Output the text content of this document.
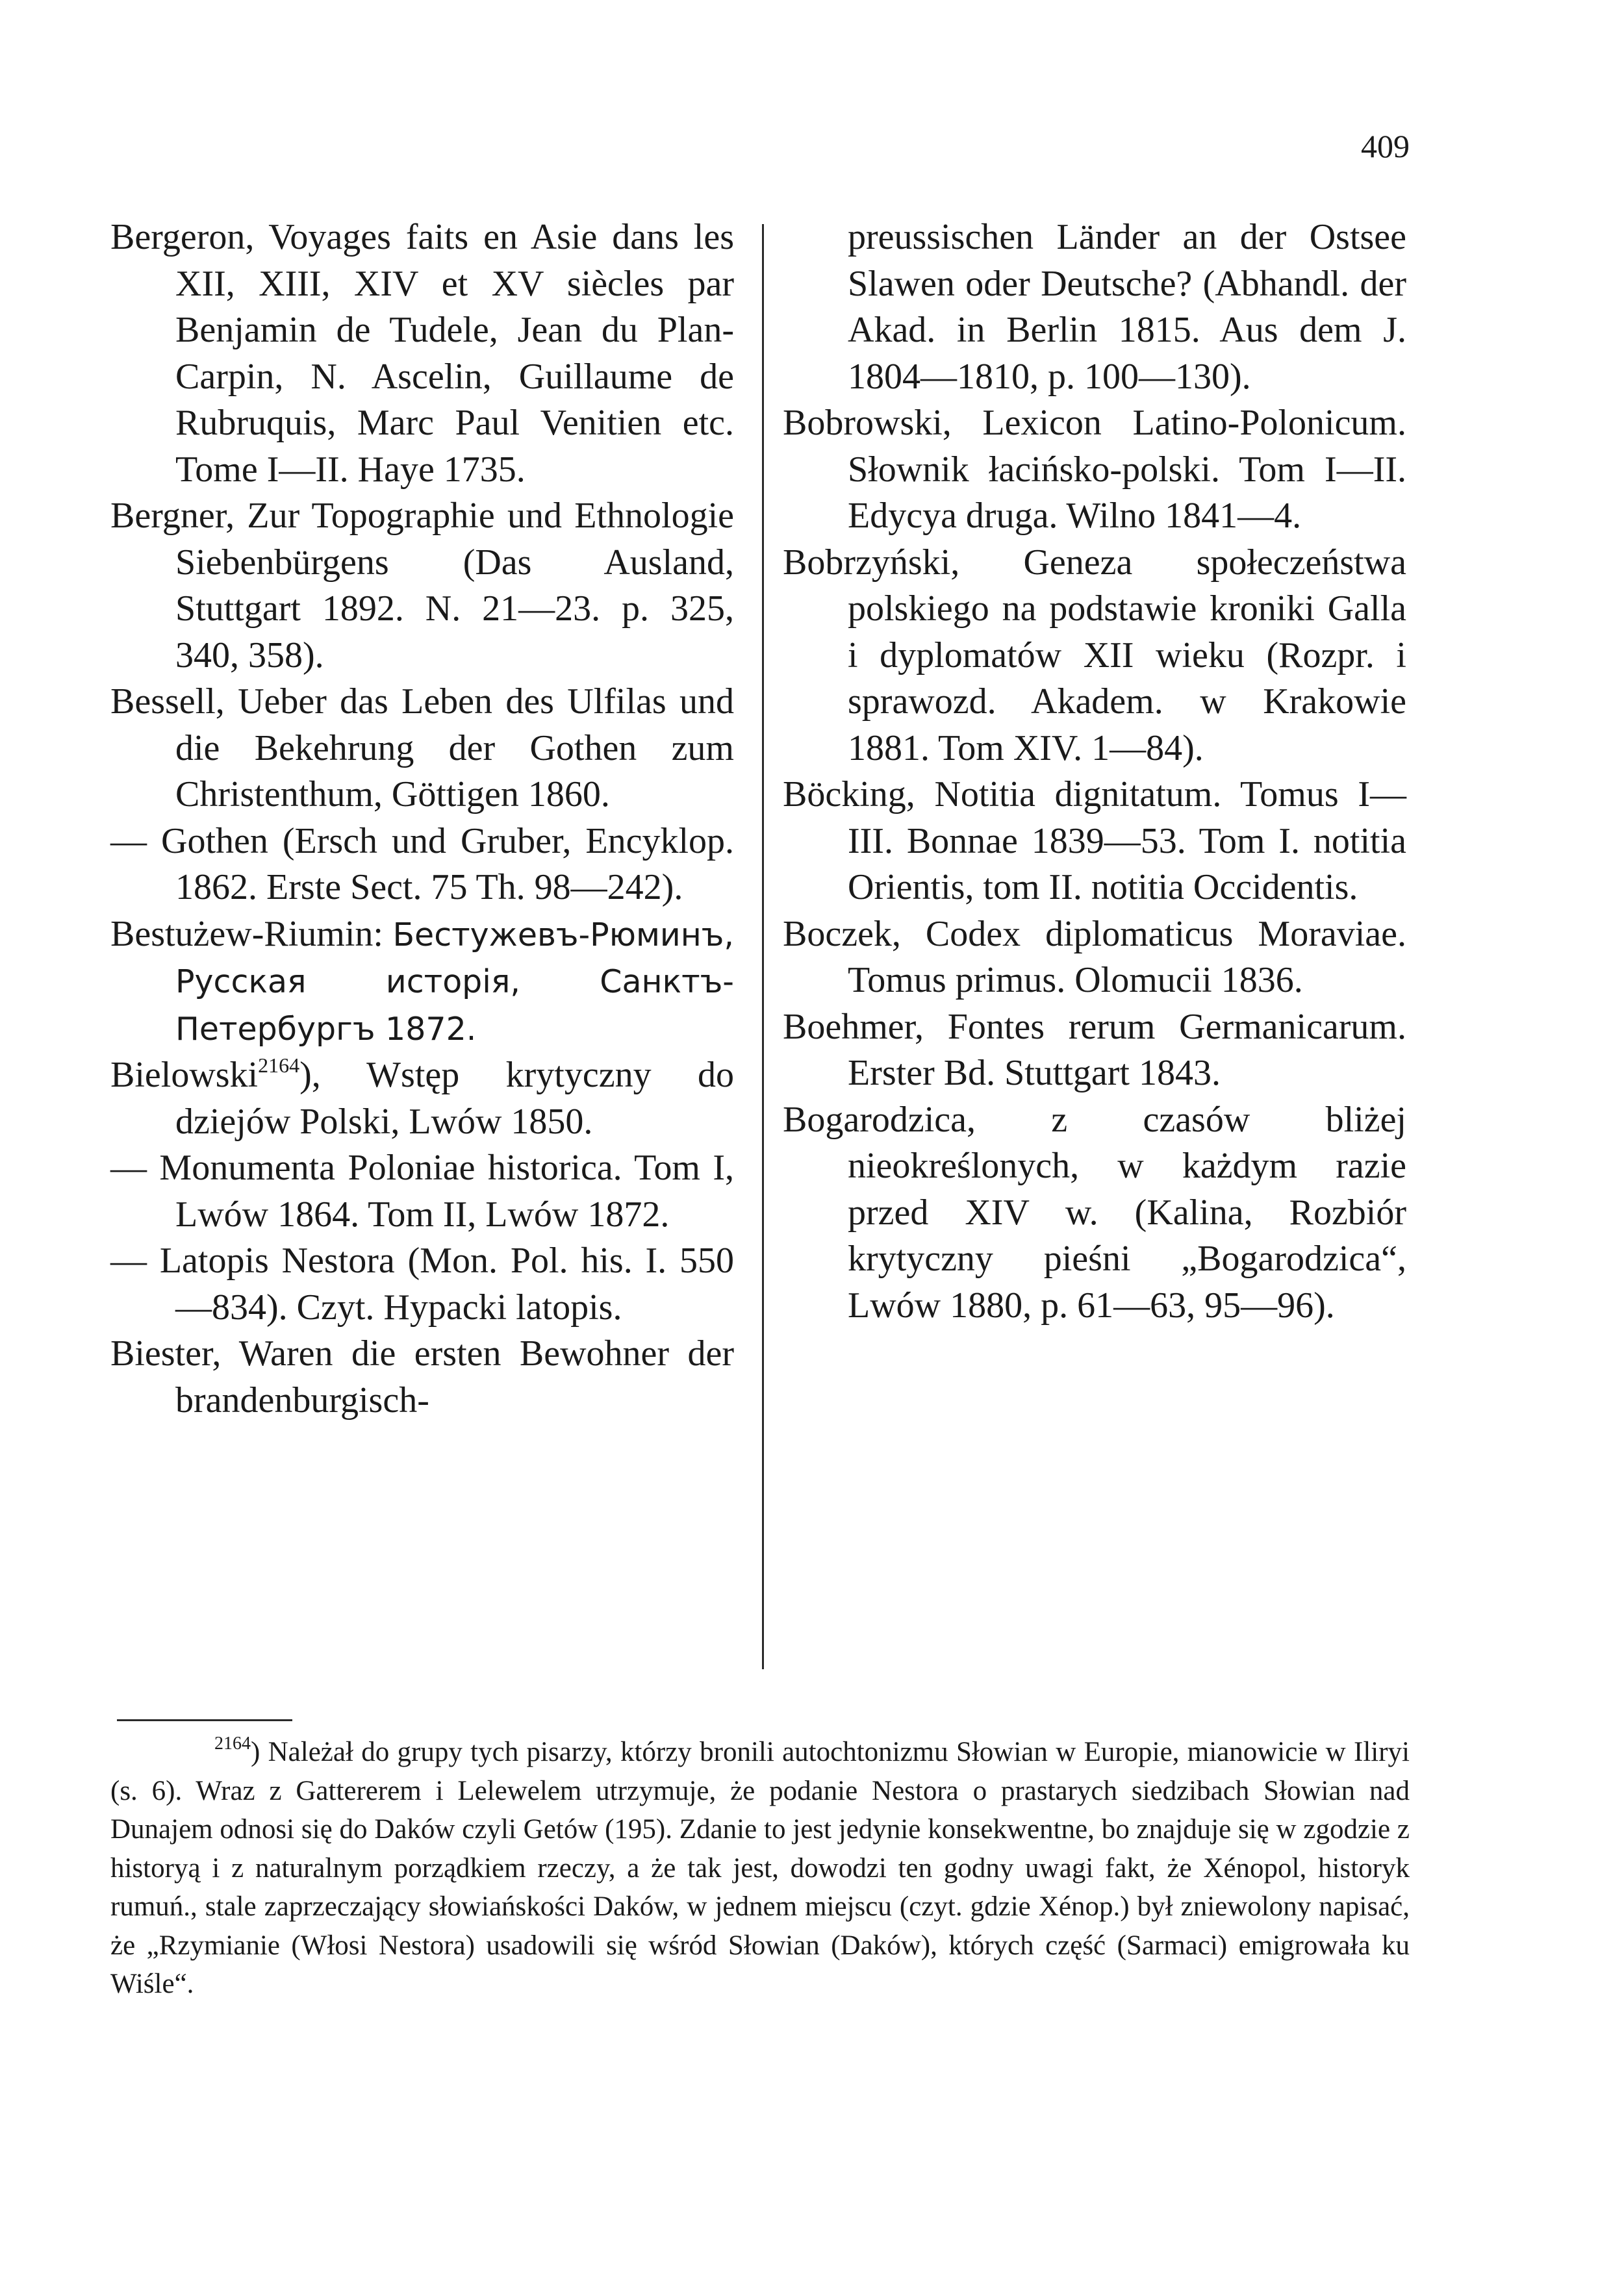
409

Bergeron, Voyages faits en Asie dans les XII, XIII, XIV et XV siècles par Benjamin de Tudele, Jean du Plan-Carpin, N. Ascelin, Guillaume de Rubruquis, Marc Paul Venitien etc. Tome I—II. Haye 1735.

Bergner, Zur Topographie und Ethnologie Siebenbürgens (Das Ausland, Stuttgart 1892. N. 21—23. p. 325, 340, 358).

Bessell, Ueber das Leben des Ulfilas und die Bekehrung der Gothen zum Christenthum, Göttigen 1860.

— Gothen (Ersch und Gruber, Encyklop. 1862. Erste Sect. 75 Th. 98—242).

Bestużew-Riumin: Бестужевъ-Рюминъ, Русская исторія, Санктъ-Петербургъ 1872.

Bielowski$^{2164}$), Wstęp krytyczny do dziejów Polski, Lwów 1850.

— Monumenta Poloniae historica. Tom I, Lwów 1864. Tom II, Lwów 1872.

— Latopis Nestora (Mon. Pol. his. I. 550—834). Czyt. Hypacki latopis.

Biester, Waren die ersten Bewohner der brandenburgisch-

preussischen Länder an der Ostsee Slawen oder Deutsche? (Abhandl. der Akad. in Berlin 1815. Aus dem J. 1804—1810, p. 100—130).

Bobrowski, Lexicon Latino-Polonicum. Słownik łacińsko-polski. Tom I—II. Edycya druga. Wilno 1841—4.

Bobrzyński, Geneza społeczeństwa polskiego na podstawie kroniki Galla i dyplomatów XII wieku (Rozpr. i sprawozd. Akadem. w Krakowie 1881. Tom XIV. 1—84).

Böcking, Notitia dignitatum. Tomus I—III. Bonnae 1839—53. Tom I. notitia Orientis, tom II. notitia Occidentis.

Boczek, Codex diplomaticus Moraviae. Tomus primus. Olomucii 1836.

Boehmer, Fontes rerum Germanicarum. Erster Bd. Stuttgart 1843.

Bogarodzica, z czasów bliżej nieokreślonych, w każdym razie przed XIV w. (Kalina, Rozbiór krytyczny pieśni „Bogarodzica“, Lwów 1880, p. 61—63, 95—96).

$^{2164}$) Należał do grupy tych pisarzy, którzy bronili autochtonizmu Słowian w Europie, mianowicie w Iliryi (s. 6). Wraz z Gattererem i Lelewelem utrzymuje, że podanie Nestora o prastarych siedzibach Słowian nad Dunajem odnosi się do Daków czyli Getów (195). Zdanie to jest jedynie konsekwentne, bo znajduje się w zgodzie z historyą i z naturalnym porządkiem rzeczy, a że tak jest, dowodzi ten godny uwagi fakt, że Xénopol, historyk rumuń., stale zaprzeczający słowiańskości Daków, w jednem miejscu (czyt. gdzie Xénop.) był zniewolony napisać, że „Rzymianie (Włosi Nestora) usadowili się wśród Słowian (Daków), których część (Sarmaci) emigrowała ku Wiśle“.
